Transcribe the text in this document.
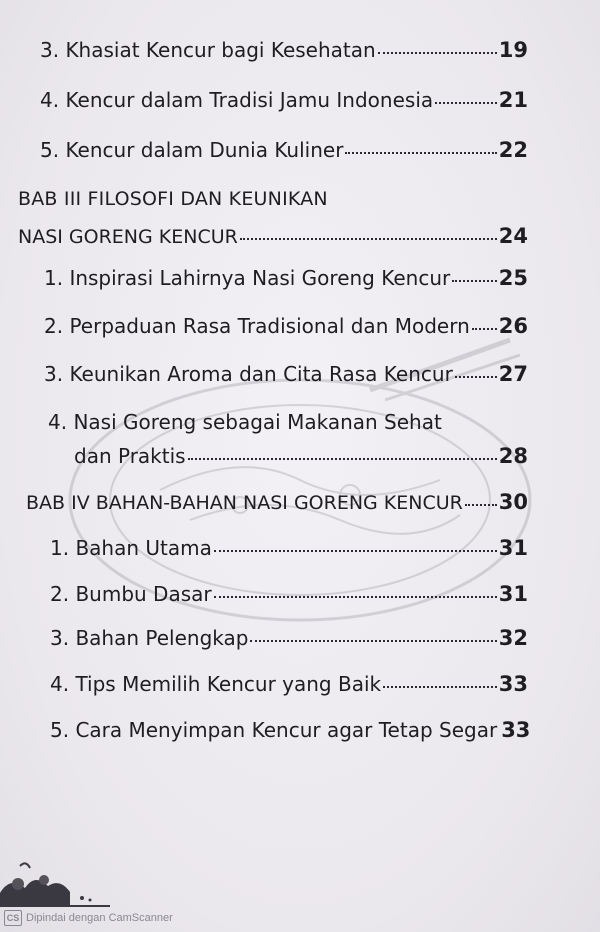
3. Khasiat Kencur bagi Kesehatan	19
4. Kencur dalam Tradisi Jamu Indonesia	21
5. Kencur dalam Dunia Kuliner	22
BAB III FILOSOFI DAN KEUNIKAN
NASI GORENG KENCUR	24
1. Inspirasi Lahirnya Nasi Goreng Kencur 25
2. Perpaduan Rasa Tradisional dan Modern 26
3. Keunikan Aroma dan Cita Rasa Kencur 27
4. Nasi Goreng sebagai Makanan Sehat
dan Praktis	28
BAB IV BAHAN-BAHAN NASI GORENG KENCUR 30
1. Bahan Utama	31
2. Bumbu Dasar	31
3. Bahan Pelengkap	32
4. Tips Memilih Kencur yang Baik	33
5. Cara Menyimpan Kencur agar Tetap Segar 33
CS Dipindai dengan CamScanner
